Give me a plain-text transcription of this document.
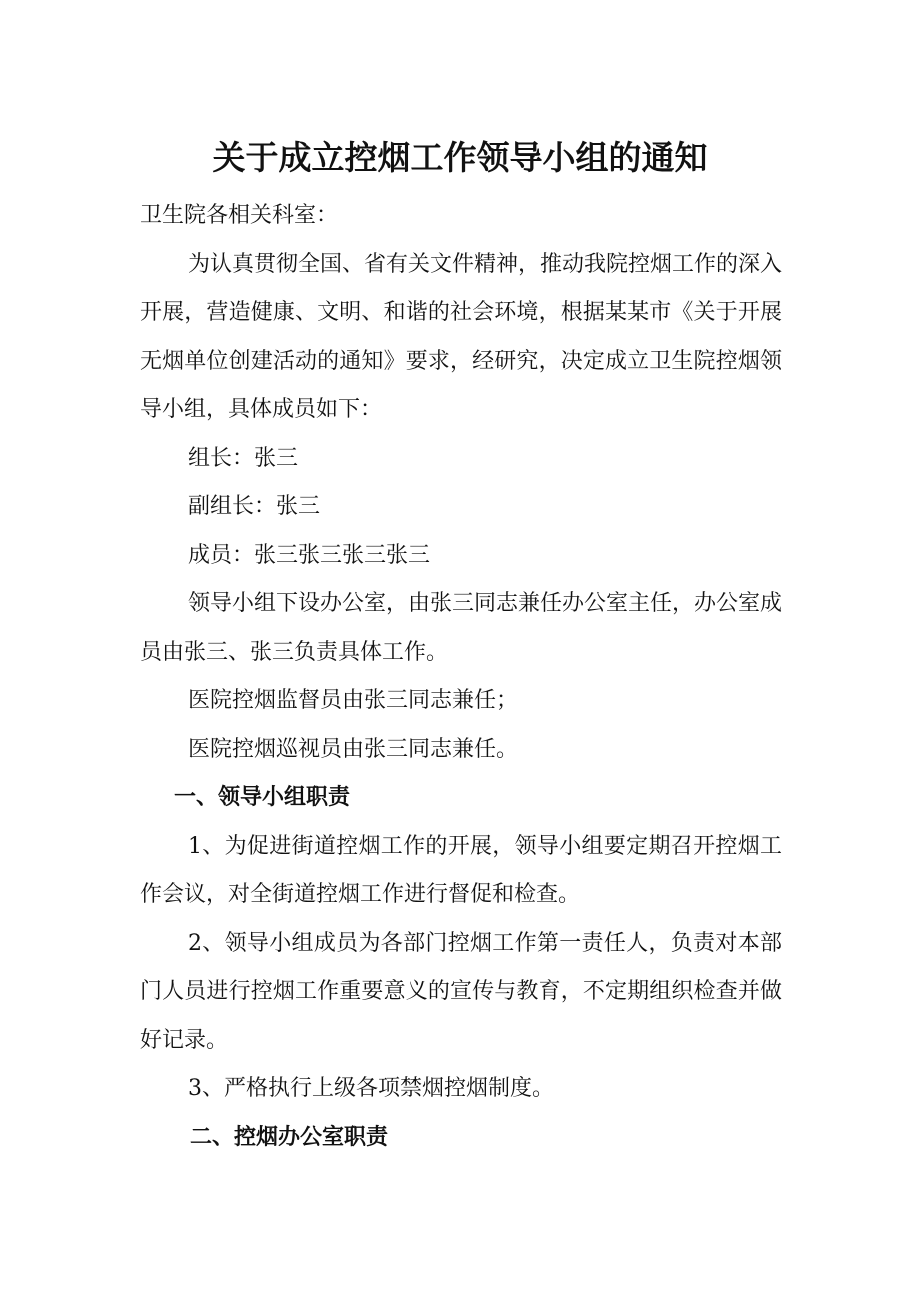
关于成立控烟工作领导小组的通知

卫生院各相关科室：

为认真贯彻全国、省有关文件精神，推动我院控烟工作的深入开展，营造健康、文明、和谐的社会环境，根据某某市《关于开展无烟单位创建活动的通知》要求，经研究，决定成立卫生院控烟领导小组，具体成员如下：

组长：张三

副组长：张三

成员：张三张三张三张三

领导小组下设办公室，由张三同志兼任办公室主任，办公室成员由张三、张三负责具体工作。

医院控烟监督员由张三同志兼任；

医院控烟巡视员由张三同志兼任。

一、领导小组职责

1、为促进街道控烟工作的开展，领导小组要定期召开控烟工作会议，对全街道控烟工作进行督促和检查。

2、领导小组成员为各部门控烟工作第一责任人，负责对本部门人员进行控烟工作重要意义的宣传与教育，不定期组织检查并做好记录。

3、严格执行上级各项禁烟控烟制度。

二、控烟办公室职责
